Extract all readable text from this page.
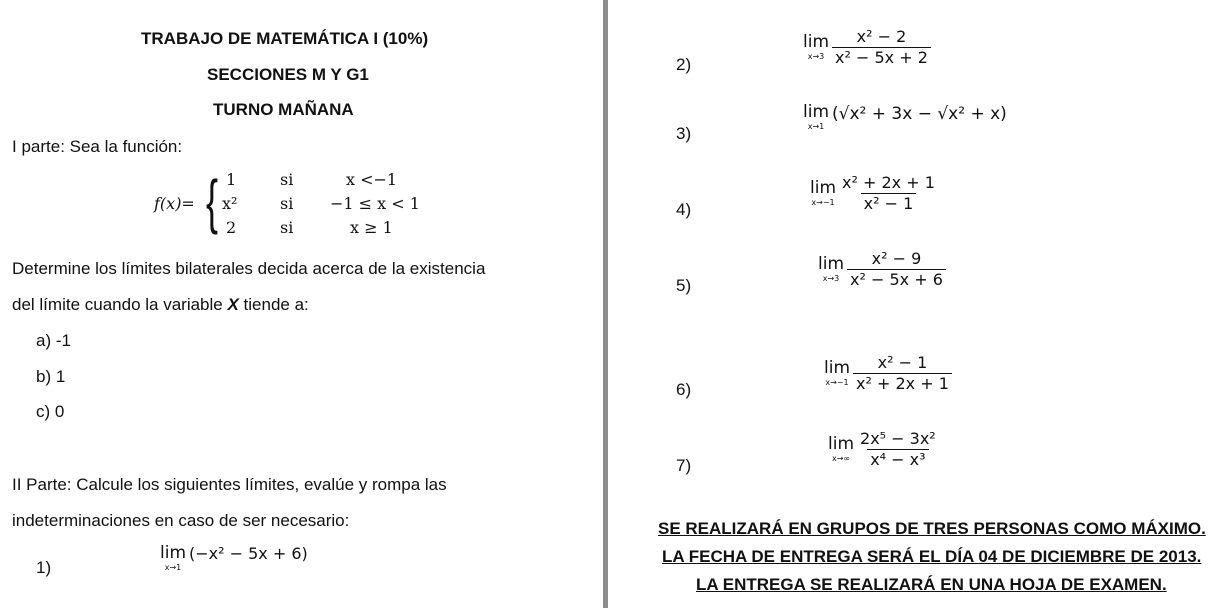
TRABAJO DE MATEMÁTICA I (10%)
SECCIONES M Y G1
TURNO MAÑANA
I parte: Sea la función:
f(x)= { 1	si	x <−1
x²	si −1 ≤ x < 1
2	si	x ≥ 1
Determine los límites bilaterales decida acerca de la existencia
del límite cuando la variable X tiende a:
a) -1
b) 1
c) 0
II Parte: Calcule los siguientes límites, evalúe y rompa las
indeterminaciones en caso de ser necesario:
1)
lim
x→1
(−x² − 5x + 6)
2)
lim
$x\to 3 \frac{\text{x² − 2}}{\text{x² − 5x + 2}}$
3)
lim
x→1
(√x² + 3x − √x² + x)
4)
lim
$x\to-1 \frac{\text{x² + 2x + 1}}{\text{x² − 1}}$
5)
lim
$x\to 3 \frac{\text{x² − 9}}{\text{x² − 5x + 6}}$
6)
lim
$x\to-1 \frac{\text{x² − 1}}{\text{x² + 2x + 1}}$
7)
lim
$x\to\infty \frac{\text{2x⁵ − 3x²}}{\text{x⁴ − x³}}$
SE REALIZARÁ EN GRUPOS DE TRES PERSONAS COMO MÁXIMO.
LA FECHA DE ENTREGA SERÁ EL DÍA 04 DE DICIEMBRE DE 2013.
LA ENTREGA SE REALIZARÁ EN UNA HOJA DE EXAMEN.
